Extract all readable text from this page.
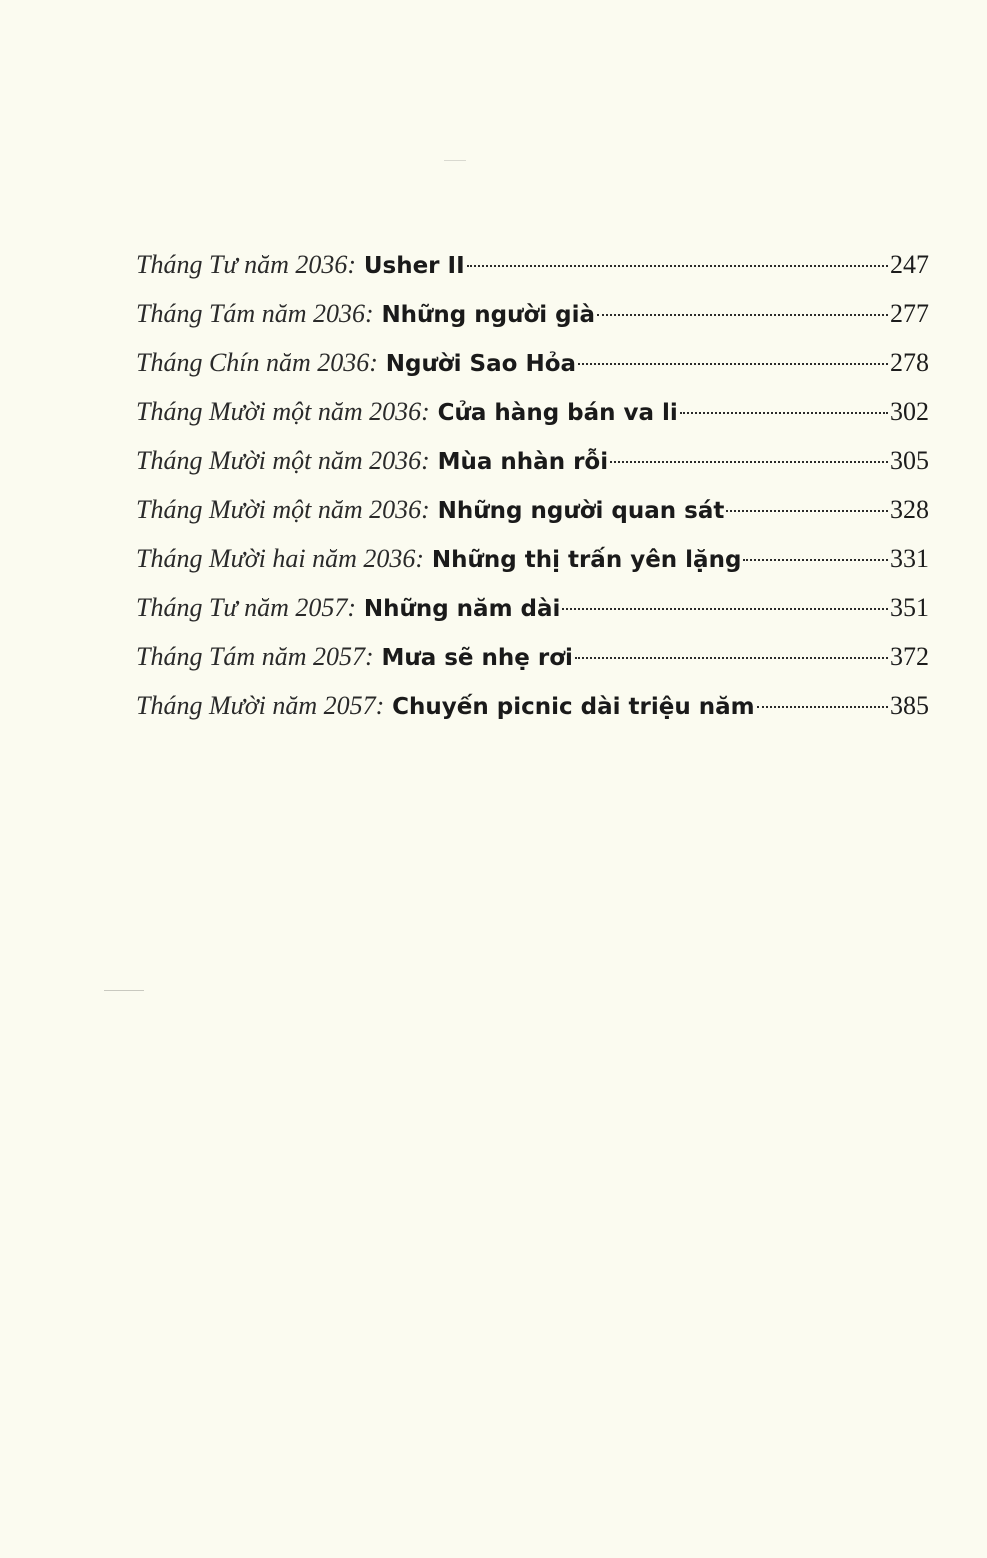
Tháng Tư năm 2036: Usher II	247
Tháng Tám năm 2036: Những người già	277
Tháng Chín năm 2036: Người Sao Hỏa	278
Tháng Mười một năm 2036: Cửa hàng bán va li	302
Tháng Mười một năm 2036: Mùa nhàn rỗi	305
Tháng Mười một năm 2036: Những người quan sát	328
Tháng Mười hai năm 2036: Những thị trấn yên lặng	331
Tháng Tư năm 2057: Những năm dài	351
Tháng Tám năm 2057: Mưa sẽ nhẹ rơi	372
Tháng Mười năm 2057: Chuyến picnic dài triệu năm	385
